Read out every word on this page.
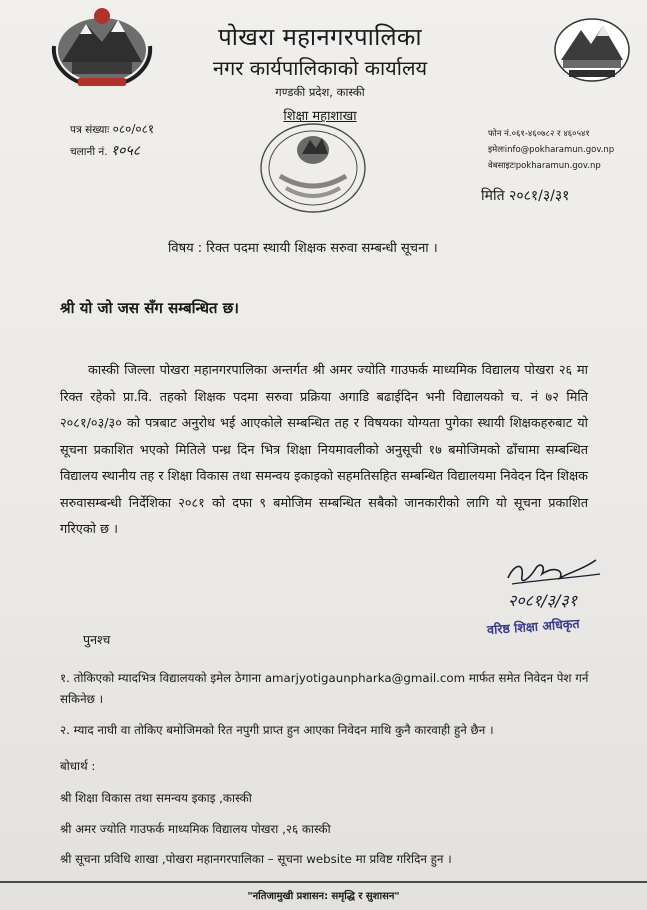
पोखरा महानगरपालिका
नगर कार्यपालिकाको कार्यालय
गण्डकी प्रदेश, कास्की
शिक्षा महाशाखा
पत्र संख्याः ०८०/०८१
चलानी नं. १०५८
फोन नं.०६१-४६०७८२ र ४६०५४१
इमेलःinfo@pokharamun.gov.np
वेबसाइटःpokharamun.gov.np
मिति २०८१/३/३१
विषय : रिक्त पदमा स्थायी शिक्षक सरुवा सम्बन्धी सूचना ।
श्री यो जो जस सँग सम्बन्धित छ।
कास्की जिल्ला पोखरा महानगरपालिका अन्तर्गत श्री अमर ज्योति गाउफर्क माध्यमिक विद्यालय पोखरा २६ मा रिक्त रहेको प्रा.वि. तहको शिक्षक पदमा सरुवा प्रक्रिया अगाडि बढाईदिन भनी विद्यालयको च. नं ७२ मिति २०८१/०३/३० को पत्रबाट अनुरोध भई आएकोले सम्बन्धित तह र विषयका योग्यता पुगेका स्थायी शिक्षकहरुबाट यो सूचना प्रकाशित भएको मितिले पन्ध्र दिन भित्र शिक्षा नियमावलीको अनुसूची १७ बमोजिमको ढाँचामा सम्बन्धित विद्यालय स्थानीय तह र शिक्षा विकास तथा समन्वय इकाइको सहमतिसहित सम्बन्धित विद्यालयमा निवेदन दिन शिक्षक सरुवासम्बन्धी निर्देशिका २०८१ को दफा ९ बमोजिम सम्बन्धित सबैको जानकारीको लागि यो सूचना प्रकाशित गरिएको छ ।
२०८१/३/३१
वरिष्ठ शिक्षा अधिकृत
पुनश्च
१. तोकिएको म्यादभित्र विद्यालयको इमेल ठेगाना amarjyotigaunpharka@gmail.com मार्फत समेत निवेदन पेश गर्न सकिनेछ ।
२. म्याद नाघी वा तोकिए बमोजिमको रित नपुगी प्राप्त हुन आएका निवेदन माथि कुनै कारवाही हुने छैन ।
बोधार्थ :
श्री शिक्षा विकास तथा समन्वय इकाइ ,कास्की
श्री अमर ज्योति गाउफर्क माध्यमिक विद्यालय पोखरा ,२६ कास्की
श्री सूचना प्रविधि शाखा ,पोखरा महानगरपालिका – सूचना website मा प्रविष्ट गरिदिन हुन ।
"नतिजामुखी प्रशासन: समृद्धि र सुशासन"
